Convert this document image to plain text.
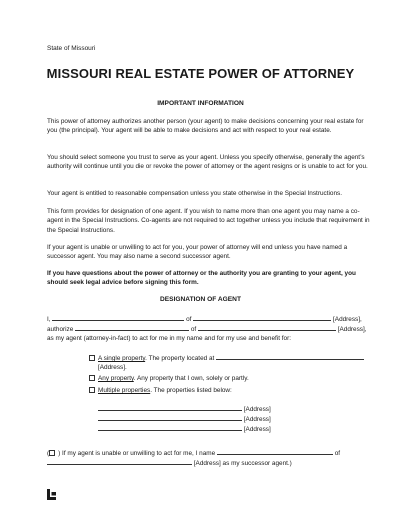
State of Missouri
MISSOURI REAL ESTATE POWER OF ATTORNEY
IMPORTANT INFORMATION
This power of attorney authorizes another person (your agent) to make decisions concerning your real estate for you (the principal). Your agent will be able to make decisions and act with respect to your real estate.
You should select someone you trust to serve as your agent. Unless you specify otherwise, generally the agent’s authority will continue until you die or revoke the power of attorney or the agent resigns or is unable to act for you.
Your agent is entitled to reasonable compensation unless you state otherwise in the Special Instructions.
This form provides for designation of one agent. If you wish to name more than one agent you may name a co-agent in the Special Instructions. Co-agents are not required to act together unless you include that requirement in the Special Instructions.
If your agent is unable or unwilling to act for you, your power of attorney will end unless you have named a successor agent. You may also name a second successor agent.
If you have questions about the power of attorney or the authority you are granting to your agent, you should seek legal advice before signing this form.
DESIGNATION OF AGENT
I,	of	[Address],
authorize	of	[Address],
as my agent (attorney-in-fact) to act for me in my name and for my use and benefit for:
A single property. The property located at
[Address].
Any property. Any property that I own, solely or partly.
Multiple properties. The properties listed below:
[Address]
[Address]
[Address]
( ) If my agent is unable or unwilling to act for me, I name	of
[Address] as my successor agent.)
